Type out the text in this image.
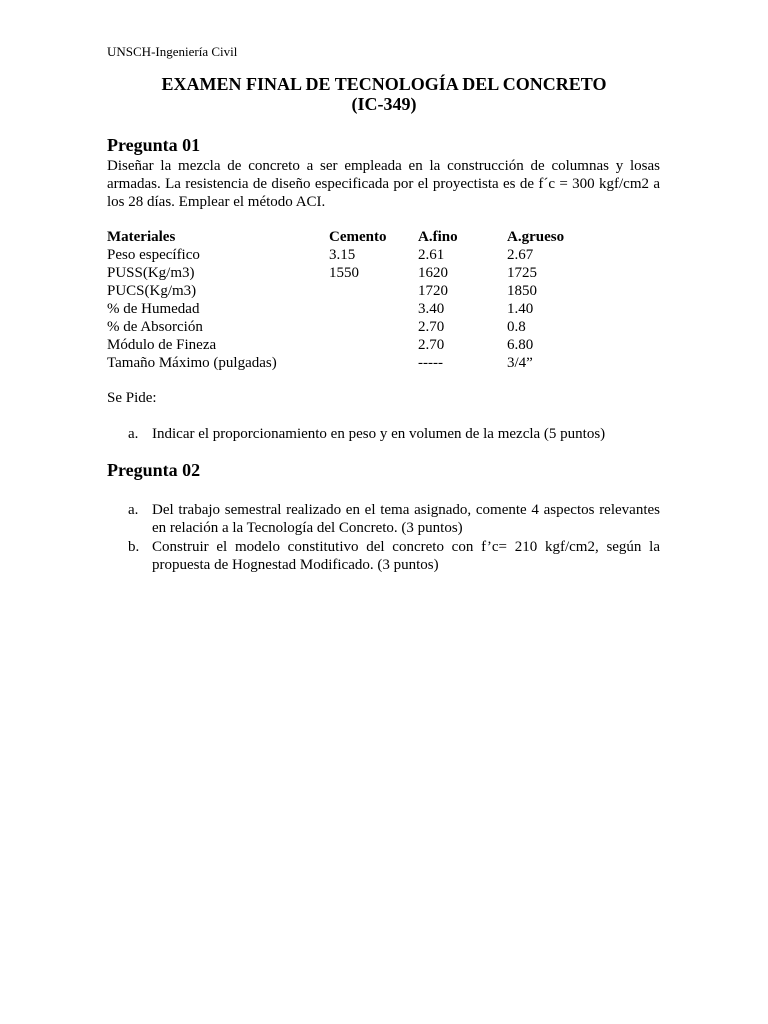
UNSCH-Ingeniería Civil
EXAMEN FINAL DE TECNOLOGÍA DEL CONCRETO
(IC-349)
Pregunta 01
Diseñar la mezcla de concreto a ser empleada en la construcción de columnas y losas armadas. La resistencia de diseño especificada por el proyectista es de f´c = 300 kgf/cm2 a los 28 días. Emplear el método ACI.
Materiales	Cemento	A.fino	A.grueso
Peso específico	3.15	2.61	2.67
PUSS(Kg/m3)	1550	1620	1725
PUCS(Kg/m3)		1720	1850
% de Humedad		3.40	1.40
% de Absorción		2.70	0.8
Módulo de Fineza		2.70	6.80
Tamaño Máximo (pulgadas)		-----	3/4”
Se Pide:
a. Indicar el proporcionamiento en peso y en volumen de la mezcla (5 puntos)
Pregunta 02
a. Del trabajo semestral realizado en el tema asignado, comente 4 aspectos relevantes en relación a la Tecnología del Concreto. (3 puntos)
b. Construir el modelo constitutivo del concreto con f’c= 210 kgf/cm2, según la propuesta de Hognestad Modificado. (3 puntos)
